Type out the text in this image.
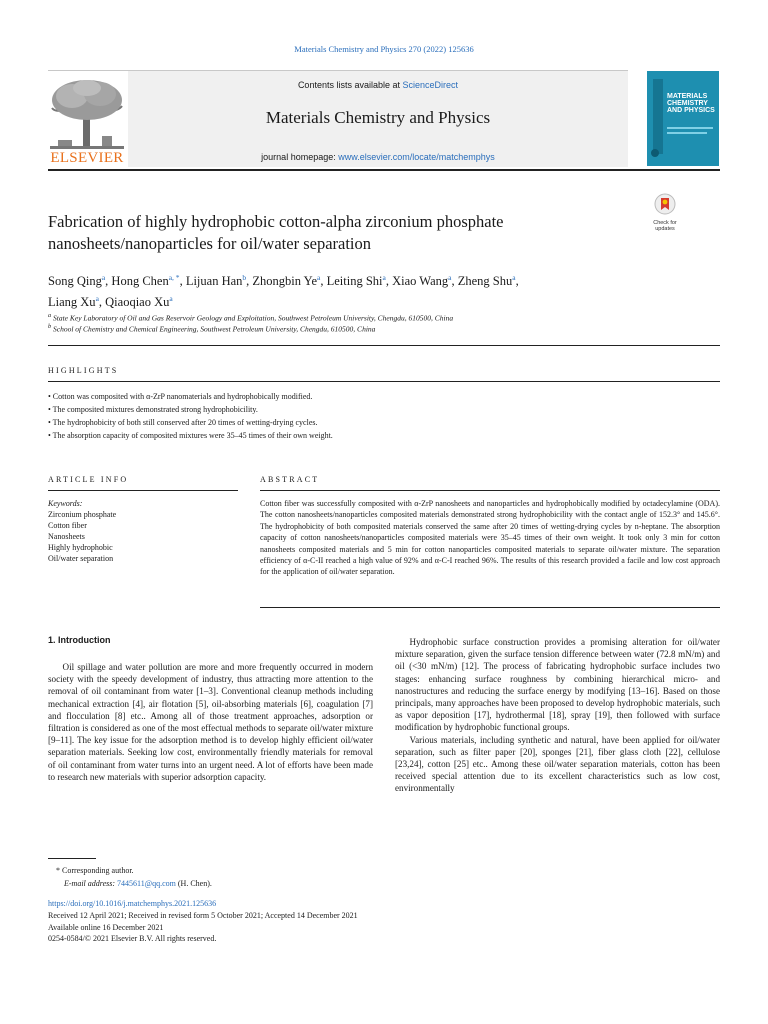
Materials Chemistry and Physics 270 (2022) 125636
ELSEVIER
Contents lists available at ScienceDirect
Materials Chemistry and Physics
journal homepage: www.elsevier.com/locate/matchemphys
MATERIALS CHEMISTRY AND PHYSICS
Check for updates
Fabrication of highly hydrophobic cotton-alpha zirconium phosphate
nanosheets/nanoparticles for oil/water separation
Song Qing$^a$, Hong Chen$^{a, *}$, Lijuan Han$^b$, Zhongbin Ye$^a$, Leiting Shi$^a$, Xiao Wang$^a$, Zheng Shu$^a$,
Liang Xu$^a$, Qiaoqiao Xu$^a$
$^a$ State Key Laboratory of Oil and Gas Reservoir Geology and Exploitation, Southwest Petroleum University, Chengdu, 610500, China
$^b$ School of Chemistry and Chemical Engineering, Southwest Petroleum University, Chengdu, 610500, China
HIGHLIGHTS
• Cotton was composited with α-ZrP nanomaterials and hydrophobically modified.
• The composited mixtures demonstrated strong hydrophobicility.
• The hydrophobicity of both still conserved after 20 times of wetting-drying cycles.
• The absorption capacity of composited mixtures were 35–45 times of their own weight.
ARTICLE INFO	ABSTRACT
Keywords:
Zirconium phosphate
Cotton fiber
Nanosheets
Highly hydrophobic
Oil/water separation
Cotton fiber was successfully composited with α-ZrP nanosheets and nanoparticles and hydrophobically modified by octadecylamine (ODA). The cotton nanosheets/nanoparticles composited materials demonstrated strong hydrophobicility with the contact angle of 152.3° and 145.6°. The hydrophobicity of both composited materials conserved the same after 20 times of wetting-drying cycles by n-heptane. The absorption capacity of cotton nanosheets/nanoparticles composited materials were 35–45 times of their own weight. It took only 3 min for cotton nanosheets composited materials and 5 min for cotton nanoparticles composited materials to separate oil/water mixture. The separation efficiency of α-C-II reached a high value of 92% and α-C-I reached 96%. The results of this research provided a facile and low cost approach for the application of oil/water separation.
1. Introduction

Oil spillage and water pollution are more and more frequently occurred in modern society with the speedy development of industry, thus attracting more attention to the removal of oil contaminant from water [1–3]. Conventional cleanup methods including mechanical extraction [4], air flotation [5], oil-absorbing materials [6], coagulation [7] and flocculation [8] etc.. Among all of those treatment approaches, adsorption or filtration is considered as one of the most effectual methods to separate oil/water mixture [9–11]. The key issue for the adsorption method is to develop highly efficient oil/water separation materials. Seeking low cost, environmentally friendly materials for removal of oil contaminant from water turns into an urgent need. A lot of efforts have been made to research new materials with superior adsorption capacity.

Hydrophobic surface construction provides a promising alteration for oil/water mixture separation, given the surface tension difference between water (72.8 mN/m) and oil (<30 mN/m) [12]. The process of fabricating hydrophobic surface includes two stages: enhancing surface roughness by combining hierarchical micro- and nanostructures and reducing the surface energy by modifying [13–16]. Based on those principals, many approaches have been proposed to develop hydrophobic materials, such as vapor deposition [17], hydrothermal [18], spray [19], then followed with surface modification by hydrophobic functional groups.

Various materials, including synthetic and natural, have been applied for oil/water separation, such as filter paper [20], sponges [21], fiber glass cloth [22], cellulose [23,24], cotton [25] etc.. Among these oil/water separation materials, cotton has been received special attention due to its excellent characteristics such as low cost, environmentally

* Corresponding author.
E-mail address: 7445611@qq.com (H. Chen).
https://doi.org/10.1016/j.matchemphys.2021.125636
Received 12 April 2021; Received in revised form 5 October 2021; Accepted 14 December 2021
Available online 16 December 2021
0254-0584/© 2021 Elsevier B.V. All rights reserved.
